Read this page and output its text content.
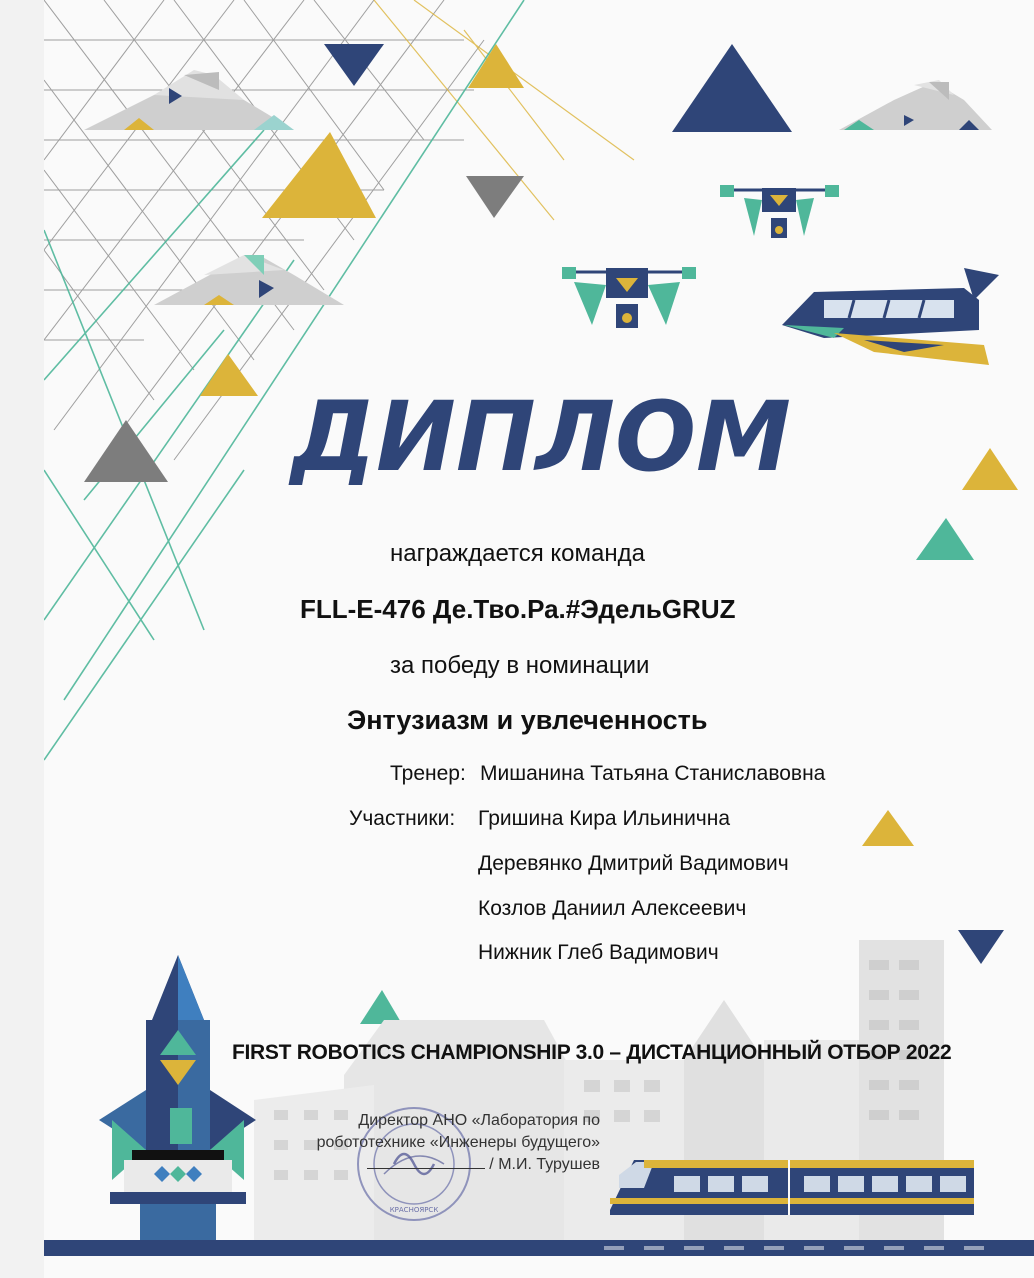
ДИПЛОМ
награждается команда
FLL-E-476 Де.Тво.Ра.#ЭдельGRUZ
за победу в номинации
Энтузиазм и увлеченность
Тренер: Мишанина Татьяна Станиславовна
Участники: Гришина Кира Ильинична
Деревянко Дмитрий Вадимович
Козлов Даниил Алексеевич
Нижник Глеб Вадимович
FIRST ROBOTICS CHAMPIONSHIP 3.0 – ДИСТАНЦИОННЫЙ ОТБОР 2022
КРАСНОЯРСК
Директор АНО «Лаборатория по
робототехнике «Инженеры будущего»
/ М.И. Турушев
